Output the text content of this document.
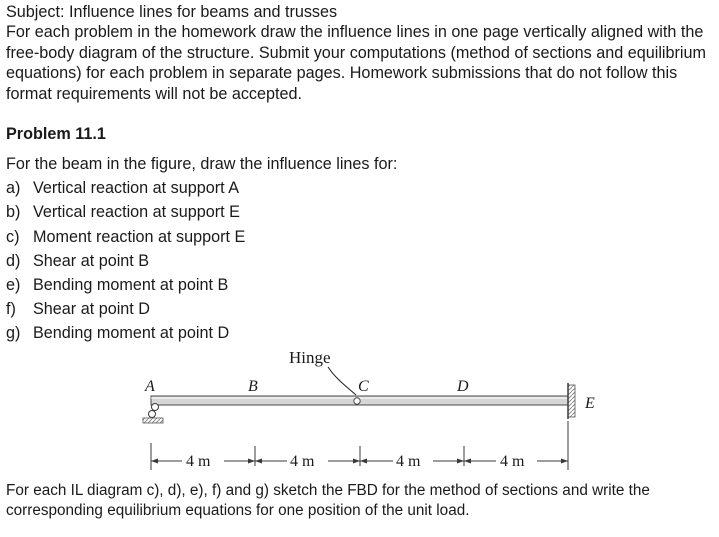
Subject: Influence lines for beams and trusses

For each problem in the homework draw the influence lines in one page vertically aligned with the free-body diagram of the structure. Submit your computations (method of sections and equilibrium equations) for each problem in separate pages. Homework submissions that do not follow this format requirements will not be accepted.

Problem 11.1
For the beam in the figure, draw the influence lines for:
a) Vertical reaction at support A
b) Vertical reaction at support E
c) Moment reaction at support E
d) Shear at point B
e) Bending moment at point B
f) Shear at point D
g) Bending moment at point D
Hinge
A	B	C	D
E
4 m	4 m	4 m	4 m
For each IL diagram c), d), e), f) and g) sketch the FBD for the method of sections and write the corresponding equilibrium equations for one position of the unit load.
